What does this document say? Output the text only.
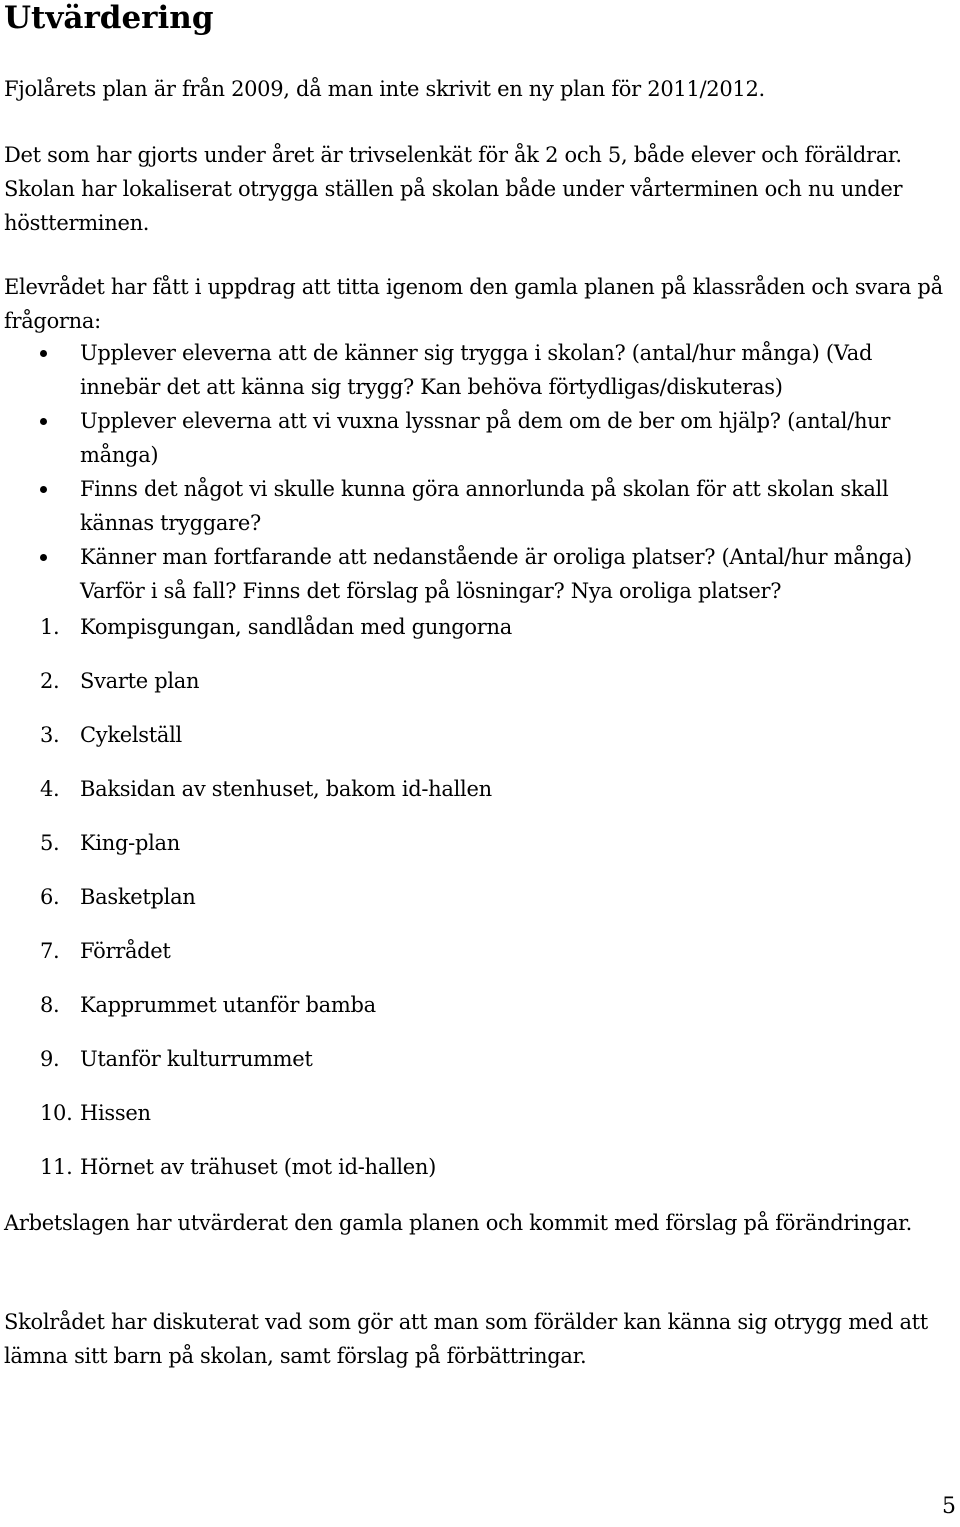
Utvärdering

Fjolårets plan är från 2009, då man inte skrivit en ny plan för 2011/2012.

Det som har gjorts under året är trivselenkät för åk 2 och 5, både elever och föräldrar. Skolan har lokaliserat otrygga ställen på skolan både under vårterminen och nu under höstterminen.

Elevrådet har fått i uppdrag att titta igenom den gamla planen på klassråden och svara på frågorna:

Upplever eleverna att de känner sig trygga i skolan? (antal/hur många) (Vad innebär det att känna sig trygg? Kan behöva förtydligas/diskuteras)
Upplever eleverna att vi vuxna lyssnar på dem om de ber om hjälp? (antal/hur många)
Finns det något vi skulle kunna göra annorlunda på skolan för att skolan skall kännas tryggare?
Känner man fortfarande att nedanstående är oroliga platser? (Antal/hur många) Varför i så fall? Finns det förslag på lösningar? Nya oroliga platser?
1. Kompisgungan, sandlådan med gungorna
2. Svarte plan
3. Cykelställ
4. Baksidan av stenhuset, bakom id-hallen
5. King-plan
6. Basketplan
7. Förrådet
8. Kapprummet utanför bamba
9. Utanför kulturrummet
10. Hissen
11. Hörnet av trähuset (mot id-hallen)

Arbetslagen har utvärderat den gamla planen och kommit med förslag på förändringar.

Skolrådet har diskuterat vad som gör att man som förälder kan känna sig otrygg med att lämna sitt barn på skolan, samt förslag på förbättringar.

5
